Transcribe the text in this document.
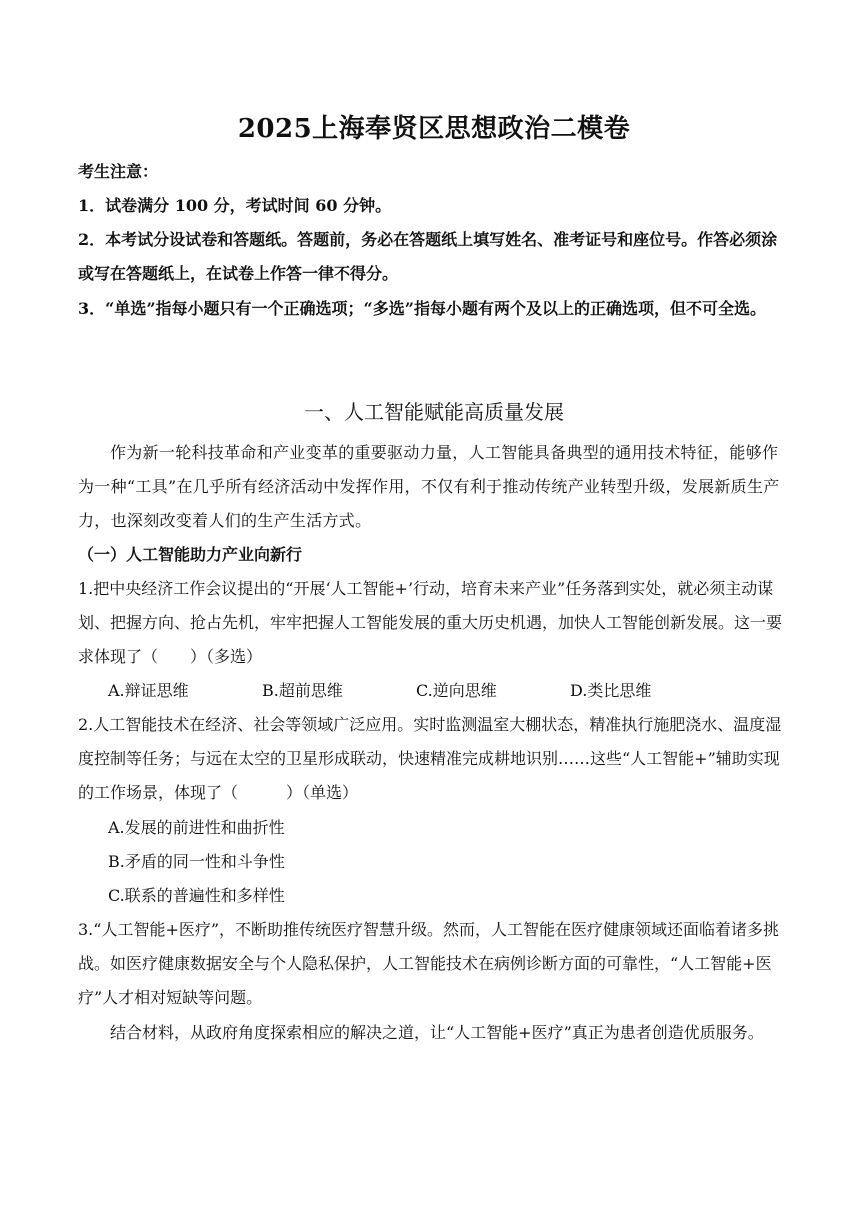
2025上海奉贤区思想政治二模卷
考生注意：
1．试卷满分 100 分，考试时间 60 分钟。
2．本考试分设试卷和答题纸。答题前，务必在答题纸上填写姓名、准考证号和座位号。作答必须涂或写在答题纸上，在试卷上作答一律不得分。
3．“单选”指每小题只有一个正确选项；“多选”指每小题有两个及以上的正确选项，但不可全选。
一、人工智能赋能高质量发展
作为新一轮科技革命和产业变革的重要驱动力量，人工智能具备典型的通用技术特征，能够作为一种“工具”在几乎所有经济活动中发挥作用，不仅有利于推动传统产业转型升级，发展新质生产力，也深刻改变着人们的生产生活方式。
（一）人工智能助力产业向新行
1.把中央经济工作会议提出的“开展‘人工智能+’行动，培育未来产业”任务落到实处，就必须主动谋划、把握方向、抢占先机，牢牢把握人工智能发展的重大历史机遇，加快人工智能创新发展。这一要求体现了（　　）（多选）
A.辩证思维	B.超前思维	C.逆向思维	D.类比思维
2.人工智能技术在经济、社会等领域广泛应用。实时监测温室大棚状态，精准执行施肥浇水、温度湿度控制等任务；与远在太空的卫星形成联动，快速精准完成耕地识别……这些“人工智能+”辅助实现的工作场景，体现了（　　　）（单选）
A.发展的前进性和曲折性
B.矛盾的同一性和斗争性
C.联系的普遍性和多样性
3.“人工智能+医疗”，不断助推传统医疗智慧升级。然而，人工智能在医疗健康领域还面临着诸多挑战。如医疗健康数据安全与个人隐私保护，人工智能技术在病例诊断方面的可靠性，“人工智能+医疗”人才相对短缺等问题。
结合材料，从政府角度探索相应的解决之道，让“人工智能+医疗”真正为患者创造优质服务。
